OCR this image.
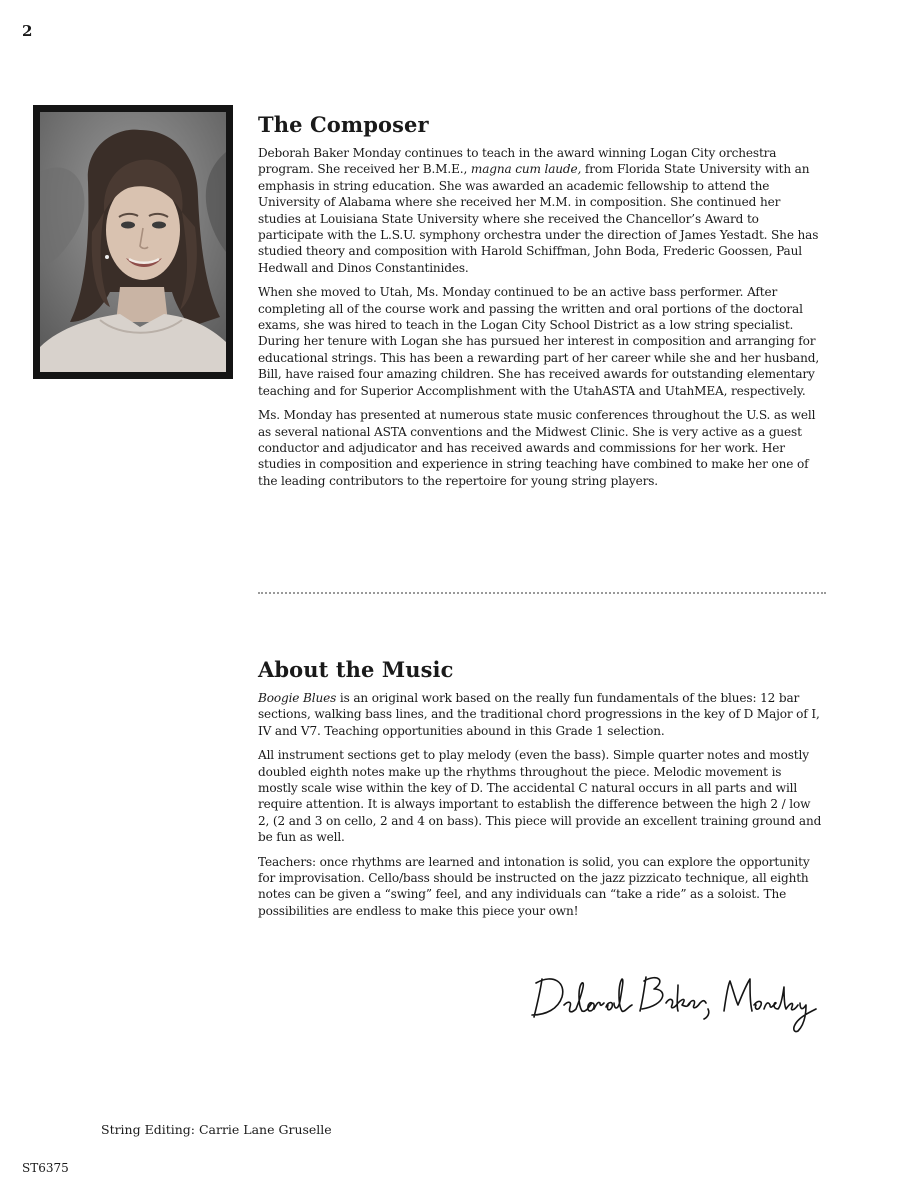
2
The Composer

Deborah Baker Monday continues to teach in the award winning Logan City orchestra program. She received her B.M.E., magna cum laude, from Florida State University with an emphasis in string education. She was awarded an academic fellowship to attend the University of Alabama where she received her M.M. in composition. She continued her studies at Louisiana State University where she received the Chancellor’s Award to participate with the L.S.U. symphony orchestra under the direction of James Yestadt. She has studied theory and composition with Harold Schiffman, John Boda, Frederic Goossen, Paul Hedwall and Dinos Constantinides.

When she moved to Utah, Ms. Monday continued to be an active bass performer. After completing all of the course work and passing the written and oral portions of the doctoral exams, she was hired to teach in the Logan City School District as a low string specialist. During her tenure with Logan she has pursued her interest in composition and arranging for educational strings. This has been a rewarding part of her career while she and her husband, Bill, have raised four amazing children. She has received awards for outstanding elementary teaching and for Superior Accomplishment with the UtahASTA and UtahMEA, respectively.

Ms. Monday has presented at numerous state music conferences throughout the U.S. as well as several national ASTA conventions and the Midwest Clinic. She is very active as a guest conductor and adjudicator and has received awards and commissions for her work. Her studies in composition and experience in string teaching have combined to make her one of the leading contributors to the repertoire for young string players.

About the Music

Boogie Blues is an original work based on the really fun fundamentals of the blues: 12 bar sections, walking bass lines, and the traditional chord progressions in the key of D Major of I, IV and V7. Teaching opportunities abound in this Grade 1 selection.

All instrument sections get to play melody (even the bass). Simple quarter notes and mostly doubled eighth notes make up the rhythms throughout the piece. Melodic movement is mostly scale wise within the key of D. The accidental C natural occurs in all parts and will require attention. It is always important to establish the difference between the high 2 / low 2, (2 and 3 on cello, 2 and 4 on bass). This piece will provide an excellent training ground and be fun as well.

Teachers: once rhythms are learned and intonation is solid, you can explore the opportunity for improvisation. Cello/bass should be instructed on the jazz pizzicato technique, all eighth notes can be given a “swing” feel, and any individuals can “take a ride” as a soloist. The possibilities are endless to make this piece your own!

String Editing: Carrie Lane Gruselle
ST6375
